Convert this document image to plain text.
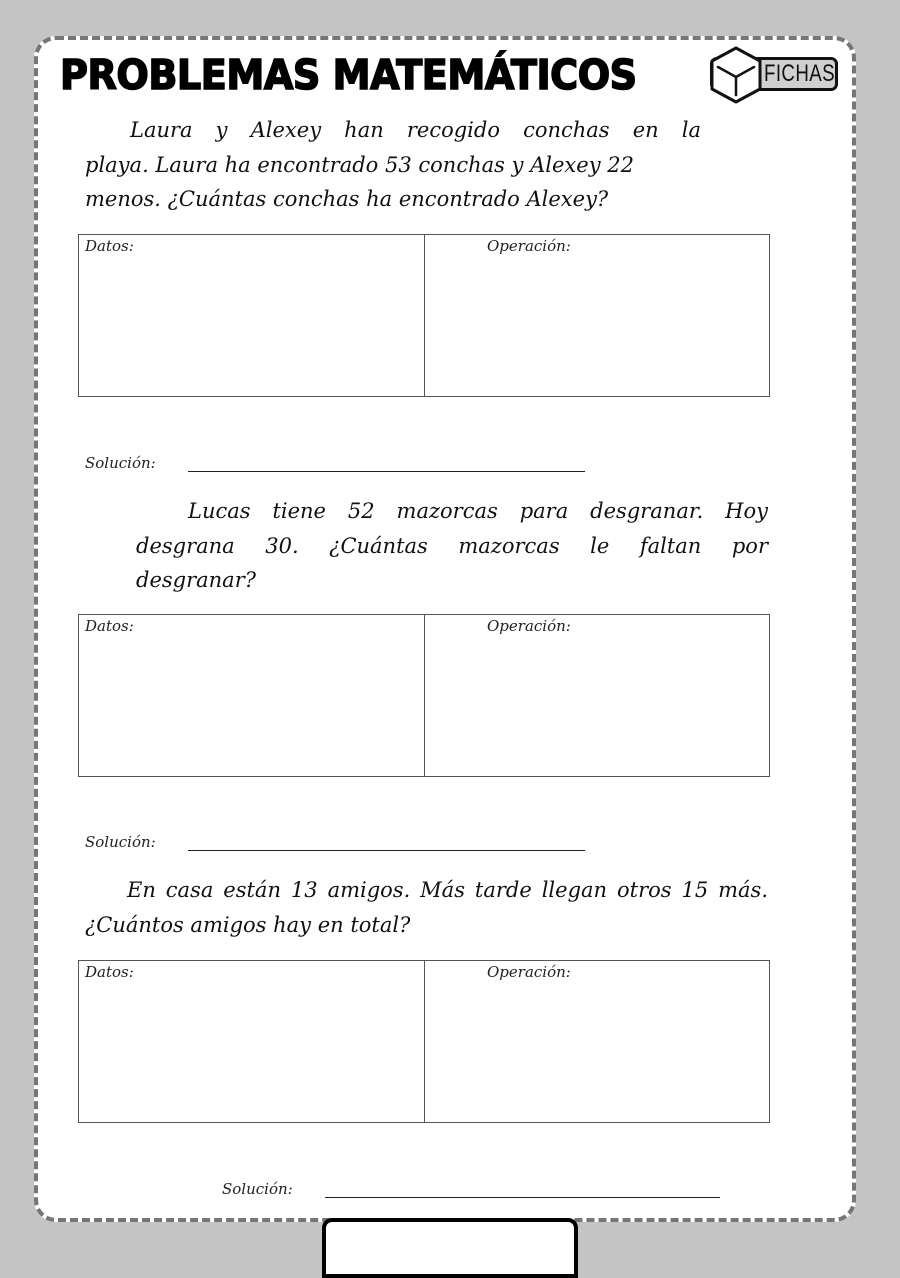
PROBLEMAS MATEMÁTICOS	FICHAS
Laura y Alexey han recogido conchas en la
playa. Laura ha encontrado 53 conchas y Alexey 22
menos. ¿Cuántas conchas ha encontrado Alexey?
Datos:	Operación:
Solución:
Lucas tiene 52 mazorcas para desgranar. Hoy
desgrana 30. ¿Cuántas mazorcas le faltan por
desgranar?
Datos:	Operación:
Solución:
En casa están 13 amigos. Más tarde llegan otros 15 más.
¿Cuántos amigos hay en total?
Datos:	Operación:
Solución:
